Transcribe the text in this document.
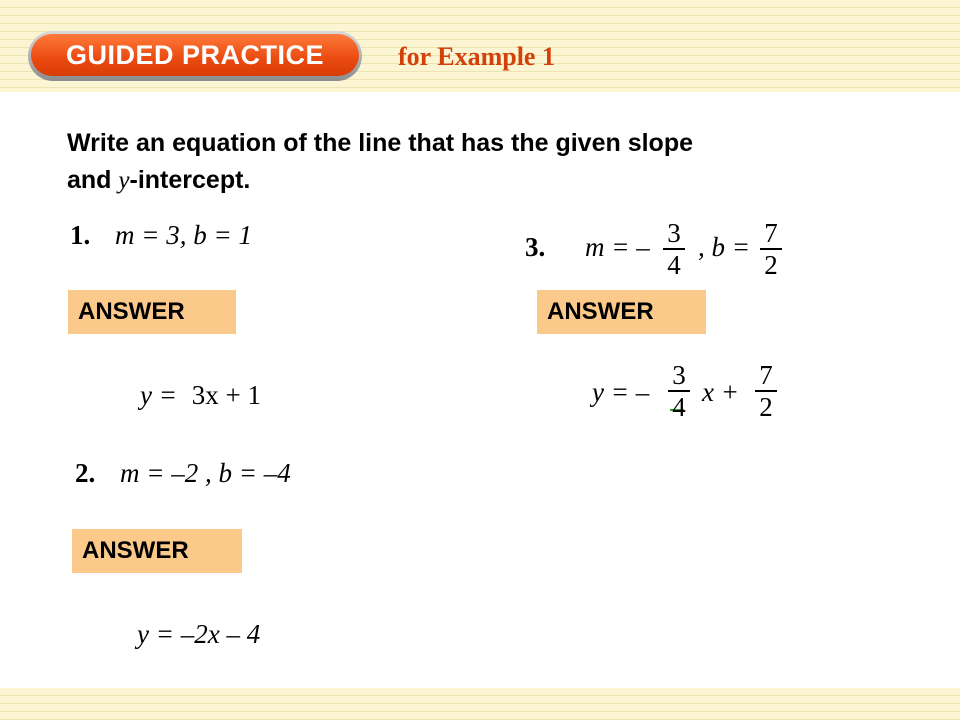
GUIDED PRACTICE	for Example 1
Write an equation of the line that has the given slope
and y-intercept.
1. m = 3, b = 1
ANSWER
y = 3x + 1
2. m = –2 , b = –4
ANSWER
y = –2x – 4
3. m = – 3
4
, b = 7
2
ANSWER
y = –
3
4 x +
7
2
